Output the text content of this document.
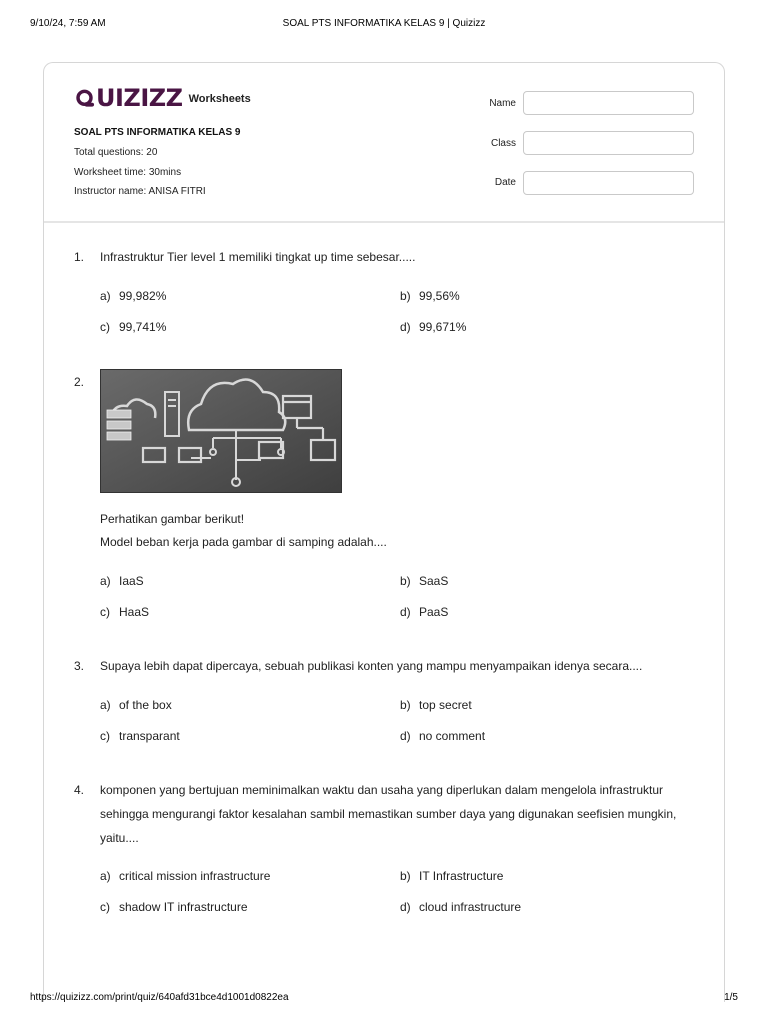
9/10/24, 7:59 AM	SOAL PTS INFORMATIKA KELAS 9 | Quizizz
UIZIZZ Worksheets
SOAL PTS INFORMATIKA KELAS 9
Total questions: 20
Worksheet time: 30mins
Instructor name: ANISA FITRI
Name
Class
Date
1. Infrastruktur Tier level 1 memiliki tingkat up time sebesar.....
a) 99,982%	b) 99,56%
c) 99,741%	d) 99,671%
2.
Perhatikan gambar berikut!
Model beban kerja pada gambar di samping adalah....
a) IaaS	b) SaaS
c) HaaS	d) PaaS
3. Supaya lebih dapat dipercaya, sebuah publikasi konten yang mampu menyampaikan idenya secara....
a) of the box	b) top secret
c) transparant	d) no comment
4. komponen yang bertujuan meminimalkan waktu dan usaha yang diperlukan dalam mengelola infrastruktur sehingga mengurangi faktor kesalahan sambil memastikan sumber daya yang digunakan seefisien mungkin, yaitu....
a) critical mission infrastructure	b) IT Infrastructure
c) shadow IT infrastructure	d) cloud infrastructure
https://quizizz.com/print/quiz/640afd31bce4d1001d0822ea	1/5
